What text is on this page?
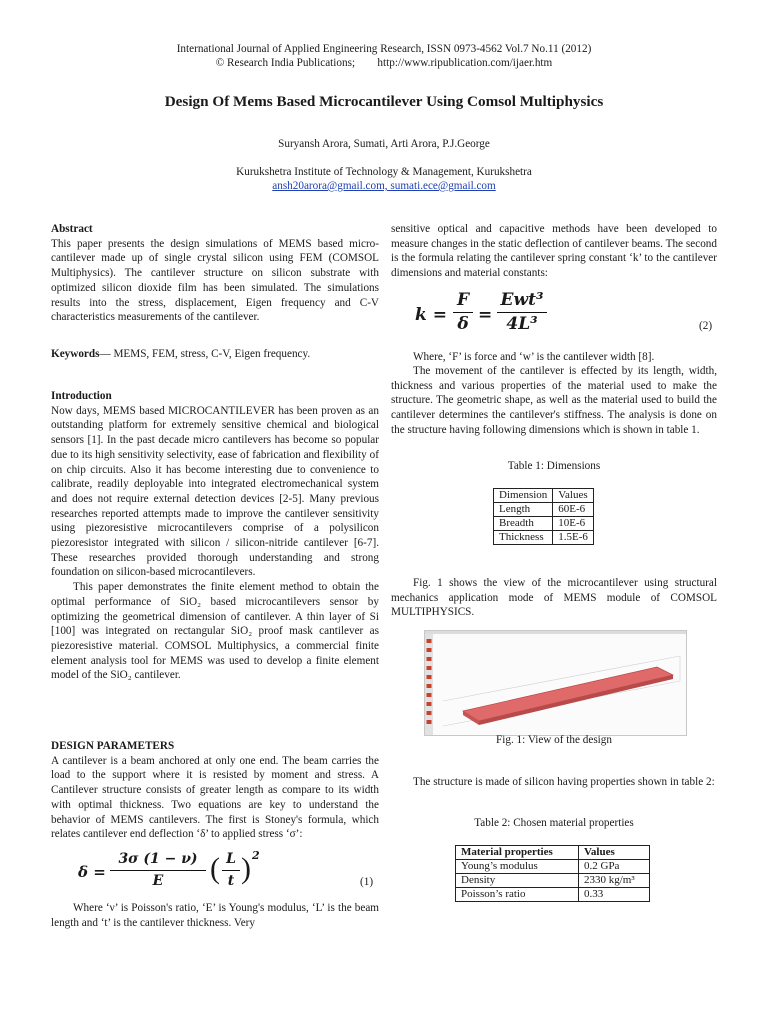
International Journal of Applied Engineering Research, ISSN 0973-4562 Vol.7 No.11 (2012)
© Research India Publications;        http://www.ripublication.com/ijaer.htm
Design Of Mems Based Microcantilever Using Comsol Multiphysics
Suryansh Arora, Sumati, Arti Arora, P.J.George
Kurukshetra Institute of Technology & Management, Kurukshetra
ansh20arora@gmail.com, sumati.ece@gmail.com

Abstract

This paper presents the design simulations of MEMS based micro-cantilever made up of single crystal silicon using FEM (COMSOL Multiphysics). The cantilever structure on silicon substrate with optimized silicon dioxide film has been simulated. The simulations results into the stress, displacement, Eigen frequency and C-V characteristics measurements of the cantilever.

Keywords— MEMS, FEM, stress, C-V, Eigen frequency.

Introduction

Now days, MEMS based MICROCANTILEVER has been proven as an outstanding platform for extremely sensitive chemical and biological sensors [1]. In the past decade micro cantilevers has become so popular due to its high sensitivity selectivity, ease of fabrication and flexibility of on chip circuits. Also it has become interesting due to convenience to calibrate, readily deployable into integrated electromechanical system and does not require external detection devices [2-5]. Many previous researches reported attempts made to improve the cantilever sensitivity using piezoresistive microcantilevers comprise of a polysilicon piezoresistor integrated with silicon / silicon-nitride cantilever [6-7]. These researches provided thorough understanding and strong foundation on silicon-based microcantilevers.

This paper demonstrates the finite element method to obtain the optimal performance of SiO₂ based microcantilevers sensor by optimizing the geometrical dimension of cantilever. A thin layer of Si [100] was integrated on rectangular SiO₂ proof mask cantilever as piezoresistive material. COMSOL Multiphysics, a commercial finite element analysis tool for MEMS was used to develop a finite element model of the SiO₂ cantilever.

DESIGN PARAMETERS

A cantilever is a beam anchored at only one end. The beam carries the load to the support where it is resisted by moment and stress. A Cantilever structure consists of greater length as compare to its width with optimal thickness. Two equations are key to understand the behavior of MEMS cantilevers. The first is Stoney's formula, which relates cantilever end deflection ‘δ’ to applied stress ‘σ’:

δ =
3σ (1 − ν)
E	( L
t ) 2
(1)
Where ‘ν’ is Poisson's ratio, ‘E’ is Young's modulus, ‘L’ is the beam length and ‘t’ is the cantilever thickness. Very
sensitive optical and capacitive methods have been developed to measure changes in the static deflection of cantilever beams. The second is the formula relating the cantilever spring constant ‘k’ to the cantilever dimensions and material constants:
k =
F
δ =
Ewt³
4L³	(2)
Where, ‘F’ is force and ‘w’ is the cantilever width [8].
The movement of the cantilever is effected by its length, width, thickness and various properties of the material used to make the structure. The geometric shape, as well as the material used to build the cantilever determines the cantilever's stiffness. The analysis is done on the structure having following dimensions which is shown in table 1.
Table 1: Dimensions
Dimension	Values
Length	60E-6
Breadth	10E-6
Thickness	1.5E-6
Fig. 1 shows the view of the microcantilever using structural mechanics application mode of MEMS module of COMSOL MULTIPHYSICS.
Fig. 1: View of the design
The structure is made of silicon having properties shown in table 2:
Table 2: Chosen material properties
Material properties	Values
Young’s modulus	0.2 GPa
Density	2330 kg/m³
Poisson’s ratio	0.33
